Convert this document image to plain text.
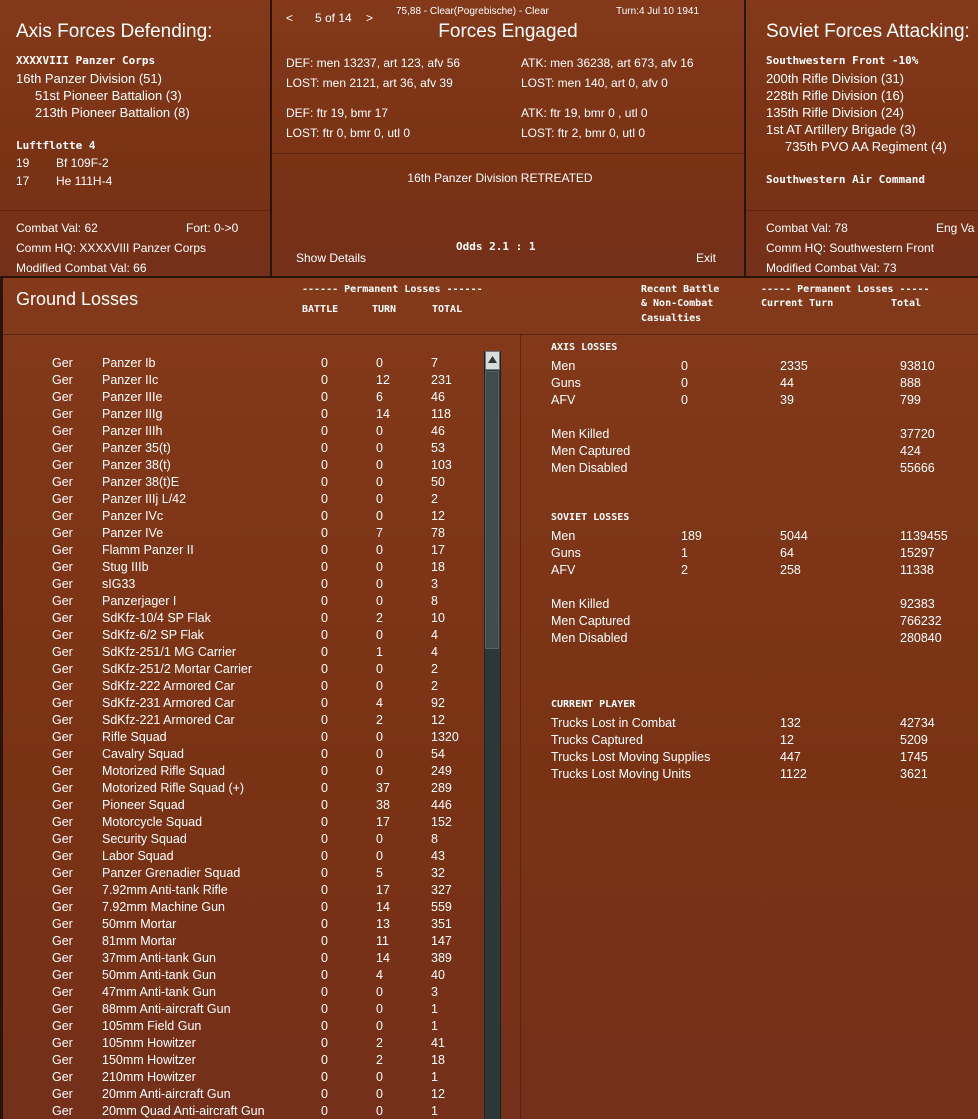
Axis Forces Defending:
XXXXVIII Panzer Corps
16th Panzer Division (51)
51st Pioneer Battalion (3)
213th Pioneer Battalion (8)
Luftflotte 4
19 Bf 109F-2
17 He 111H-4
Combat Val: 62	Fort: 0->0
Comm HQ: XXXXVIII Panzer Corps
Modified Combat Val: 66
< 5 of 14 > 75,88 - Clear(Pogrebische) - Clear	Turn:4 Jul 10 1941
Forces Engaged
DEF: men 13237, art 123, afv 56
LOST: men 2121, art 36, afv 39
ATK: men 36238, art 673, afv 16
LOST: men 140, art 0, afv 0
DEF: ftr 19, bmr 17
LOST: ftr 0, bmr 0, utl 0
ATK: ftr 19, bmr 0 , utl 0
LOST: ftr 2, bmr 0, utl 0
16th Panzer Division RETREATED
Show Details
Odds 2.1 : 1
Exit
Soviet Forces Attacking:
Southwestern Front -10%
200th Rifle Division (31)
228th Rifle Division (16)
135th Rifle Division (24)
1st AT Artillery Brigade (3)
735th PVO AA Regiment (4)
Southwestern Air Command
Combat Val: 78	Eng Va
Comm HQ: Southwestern Front
Modified Combat Val: 73
Ground Losses	------ Permanent Losses ------
BATTLE	TURN	TOTAL
Recent Battle
& Non-Combat
Casualties
----- Permanent Losses -----
Current Turn	Total
Ger Panzer Ib	0	0	7
Ger Panzer IIc	0	12	231
Ger Panzer IIIe	0	6	46
Ger Panzer IIIg	0	14	118
Ger Panzer IIIh	0	0	46
Ger Panzer 35(t)	0	0	53
Ger Panzer 38(t)	0	0	103
Ger Panzer 38(t)E	0	0	50
Ger Panzer IIIj L/42	0	0	2
Ger Panzer IVc	0	0	12
Ger Panzer IVe	0	7	78
Ger Flamm Panzer II	0	0	17
Ger Stug IIIb	0	0	18
Ger sIG33	0	0	3
Ger Panzerjager I	0	0	8
Ger SdKfz-10/4 SP Flak	0	2	10
Ger SdKfz-6/2 SP Flak	0	0	4
Ger SdKfz-251/1 MG Carrier	0	1	4
Ger SdKfz-251/2 Mortar Carrier	0	0	2
Ger SdKfz-222 Armored Car	0	0	2
Ger SdKfz-231 Armored Car	0	4	92
Ger SdKfz-221 Armored Car	0	2	12
Ger Rifle Squad	0	0	1320
Ger Cavalry Squad	0	0	54
Ger Motorized Rifle Squad	0	0	249
Ger Motorized Rifle Squad (+)	0	37	289
Ger Pioneer Squad	0	38	446
Ger Motorcycle Squad	0	17	152
Ger Security Squad	0	0	8
Ger Labor Squad	0	0	43
Ger Panzer Grenadier Squad	0	5	32
Ger 7.92mm Anti-tank Rifle	0	17	327
Ger 7.92mm Machine Gun	0	14	559
Ger 50mm Mortar	0	13	351
Ger 81mm Mortar	0	11	147
Ger 37mm Anti-tank Gun	0	14	389
Ger 50mm Anti-tank Gun	0	4	40
Ger 47mm Anti-tank Gun	0	0	3
Ger 88mm Anti-aircraft Gun	0	0	1
Ger 105mm Field Gun	0	0	1
Ger 105mm Howitzer	0	2	41
Ger 150mm Howitzer	0	2	18
Ger 210mm Howitzer	0	0	1
Ger 20mm Anti-aircraft Gun	0	0	12
Ger 20mm Quad Anti-aircraft Gun	0	0	1
AXIS LOSSES
Men	0	2335	93810
Guns	0	44	888
AFV	0	39	799
Men Killed	37720
Men Captured	424
Men Disabled	55666
SOVIET LOSSES
Men	189	5044	1139455
Guns	1	64	15297
AFV	2	258	11338
Men Killed	92383
Men Captured	766232
Men Disabled	280840
CURRENT PLAYER
Trucks Lost in Combat	132	42734
Trucks Captured	12	5209
Trucks Lost Moving Supplies	447	1745
Trucks Lost Moving Units	1122	3621
